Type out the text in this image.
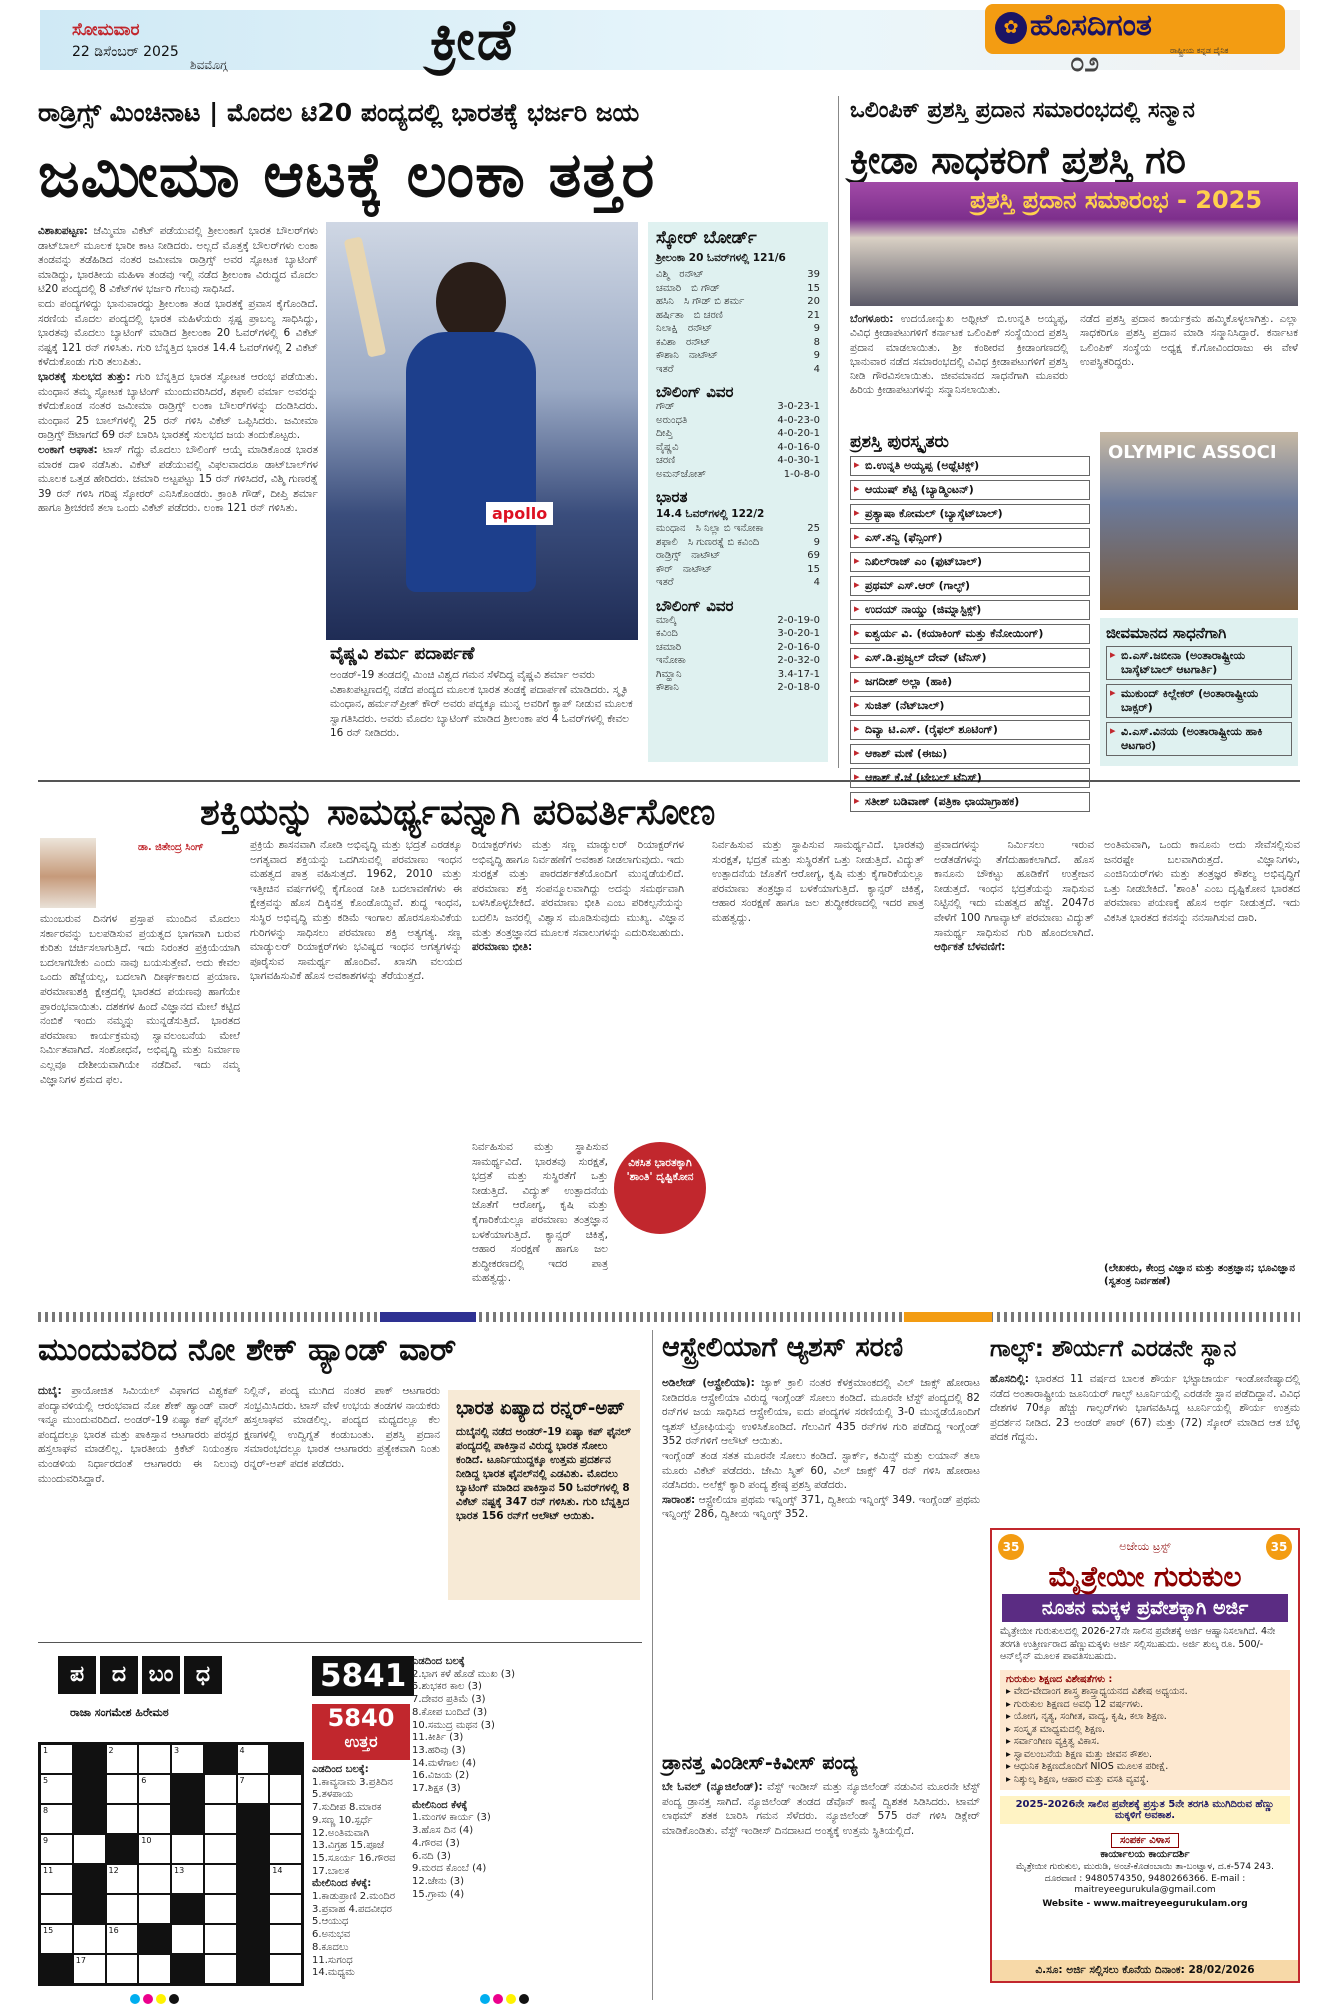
ಸೋಮವಾರ
22 ಡಿಸೆಂಬರ್ 2025
ಶಿವಮೊಗ್ಗ	ಕ್ರೀಡೆ	✿ ಹೊಸದಿಗಂತ
ರಾಷ್ಟ್ರೀಯ ಕನ್ನಡ ದೈನಿಕ
೦೨
ರಾಡ್ರಿಗ್ಸ್ ಮಿಂಚಿನಾಟ | ಮೊದಲ ಟಿ20 ಪಂದ್ಯದಲ್ಲಿ ಭಾರತಕ್ಕೆ ಭರ್ಜರಿ ಜಯ
ಜಮೀಮಾ ಆಟಕ್ಕೆ ಲಂಕಾ ತತ್ತರ
ವಿಶಾಖಪಟ್ಟಣ: ಜೆಮ್ಮಿಮಾ ವಿಕೆಟ್ ಪಡೆಯುವಲ್ಲಿ ಶ್ರೀಲಂಕಾಗೆ ಭಾರತ ಬೌಲರ್‌ಗಳು ಡಾಟ್‌ಬಾಲ್ ಮೂಲಕ ಭಾರೀ ಕಾಟ ನೀಡಿದರು. ಅಲ್ಲದೆ ಮೊತ್ತಕ್ಕೆ ಬೌಲರ್‌ಗಳು ಲಂಕಾ ತಂಡವನ್ನು ತಡೆಹಿಡಿದ ನಂತರ ಜಮೀಮಾ ರಾಡ್ರಿಗ್ಸ್ ಅವರ ಸ್ಫೋಟಕ ಬ್ಯಾಟಿಂಗ್ ಮಾಡಿದ್ದು, ಭಾರತೀಯ ಮಹಿಳಾ ತಂಡವು ಇಲ್ಲಿ ನಡೆದ ಶ್ರೀಲಂಕಾ ವಿರುದ್ಧದ ಮೊದಲ ಟಿ20 ಪಂದ್ಯದಲ್ಲಿ 8 ವಿಕೆಟ್‌ಗಳ ಭರ್ಜರಿ ಗೆಲುವು ಸಾಧಿಸಿದೆ.
ಐದು ಪಂದ್ಯಗಳಿದ್ದು ಭಾನುವಾರದ್ದು ಶ್ರೀಲಂಕಾ ತಂಡ ಭಾರತಕ್ಕೆ ಪ್ರವಾಸ ಕೈಗೊಂಡಿದೆ. ಸರಣಿಯ ಮೊದಲ ಪಂದ್ಯದಲ್ಲಿ ಭಾರತ ಮಹಿಳೆಯರು ಸ್ಪಷ್ಟ ಪ್ರಾಬಲ್ಯ ಸಾಧಿಸಿದ್ದು, ಭಾರತವು ಮೊದಲು ಬ್ಯಾಟಿಂಗ್ ಮಾಡಿದ ಶ್ರೀಲಂಕಾ 20 ಓವರ್‌ಗಳಲ್ಲಿ 6 ವಿಕೆಟ್ ನಷ್ಟಕ್ಕೆ 121 ರನ್ ಗಳಿಸಿತು. ಗುರಿ ಬೆನ್ನತ್ತಿದ ಭಾರತ 14.4 ಓವರ್‌ಗಳಲ್ಲಿ 2 ವಿಕೆಟ್ ಕಳೆದುಕೊಂಡು ಗುರಿ ತಲುಪಿತು.
ಭಾರತಕ್ಕೆ ಸುಲಭದ ತುತ್ತು: ಗುರಿ ಬೆನ್ನತ್ತಿದ ಭಾರತ ಸ್ಫೋಟಕ ಆರಂಭ ಪಡೆಯಿತು. ಮಂಧಾನ ತಮ್ಮ ಸ್ಫೋಟಕ ಬ್ಯಾಟಿಂಗ್ ಮುಂದುವರಿಸಿದರೆ, ಶಫಾಲಿ ವರ್ಮಾ ಅವರನ್ನು ಕಳೆದುಕೊಂಡ ನಂತರ ಜಮೀಮಾ ರಾಡ್ರಿಗ್ಸ್ ಲಂಕಾ ಬೌಲರ್‌ಗಳನ್ನು ದಂಡಿಸಿದರು. ಮಂಧಾನ 25 ಬಾಲ್‌ಗಳಲ್ಲಿ 25 ರನ್ ಗಳಿಸಿ ವಿಕೆಟ್ ಒಪ್ಪಿಸಿದರು. ಜಮೀಮಾ ರಾಡ್ರಿಗ್ಸ್ ಔಟಾಗದೆ 69 ರನ್ ಬಾರಿಸಿ ಭಾರತಕ್ಕೆ ಸುಲಭದ ಜಯ ತಂದುಕೊಟ್ಟರು.
ಲಂಕಾಗೆ ಆಘಾತ: ಟಾಸ್ ಗೆದ್ದು ಮೊದಲು ಬೌಲಿಂಗ್ ಆಯ್ಕೆ ಮಾಡಿಕೊಂಡ ಭಾರತ ಮಾರಕ ದಾಳಿ ನಡೆಸಿತು. ವಿಕೆಟ್ ಪಡೆಯುವಲ್ಲಿ ವಿಫಲವಾದರೂ ಡಾಟ್‌ಬಾಲ್‌ಗಳ ಮೂಲಕ ಒತ್ತಡ ಹೇರಿದರು. ಚಮಾರಿ ಅಟ್ಟಪಟ್ಟು 15 ರನ್ ಗಳಿಸಿದರೆ, ವಿಶ್ಮಿ ಗುಣರತ್ನೆ 39 ರನ್ ಗಳಿಸಿ ಗರಿಷ್ಠ ಸ್ಕೋರರ್ ಎನಿಸಿಕೊಂಡರು. ಕ್ರಾಂತಿ ಗೌಡ್, ದೀಪ್ತಿ ಶರ್ಮಾ ಹಾಗೂ ಶ್ರೀಚರಣಿ ತಲಾ ಒಂದು ವಿಕೆಟ್ ಪಡೆದರು. ಲಂಕಾ 121 ರನ್ ಗಳಿಸಿತು.	apollo
ವೈಷ್ಣವಿ ಶರ್ಮ ಪದಾರ್ಪಣೆ
ಅಂಡರ್-19 ತಂಡದಲ್ಲಿ ಮಿಂಚಿ ವಿಶ್ವದ ಗಮನ ಸೆಳೆದಿದ್ದ ವೈಷ್ಣವಿ ಶರ್ಮಾ ಅವರು ವಿಶಾಖಪಟ್ಟಣದಲ್ಲಿ ನಡೆದ ಪಂದ್ಯದ ಮೂಲಕ ಭಾರತ ತಂಡಕ್ಕೆ ಪದಾರ್ಪಣೆ ಮಾಡಿದರು. ಸ್ಮೃತಿ ಮಂಧಾನ, ಹರ್ಮನ್‌ಪ್ರೀತ್ ಕೌರ್ ಅವರು ಪದ್ಯಕ್ಕೂ ಮುನ್ನ ಅವರಿಗೆ ಕ್ಯಾಪ್ ನೀಡುವ ಮೂಲಕ ಸ್ವಾಗತಿಸಿದರು. ಅವರು ಮೊದಲ ಬ್ಯಾಟಿಂಗ್ ಮಾಡಿದ ಶ್ರೀಲಂಕಾ ಪರ 4 ಓವರ್‌ಗಳಲ್ಲಿ ಕೇವಲ 16 ರನ್ ನೀಡಿದರು.
ಸ್ಕೋರ್ ಬೋರ್ಡ್
ಶ್ರೀಲಂಕಾ 20 ಓವರ್‌ಗಳಲ್ಲಿ 121/6
ವಿಶ್ಮಿ	ರನೌಟ್	39
ಚಮಾರಿ	ಬಿ ಗೌಡ್	15
ಹಸಿನಿ	ಸಿ ಗೌಡ್ ಬಿ ಶರ್ಮ	20
ಹರ್ಷಿತಾ	ಬಿ ಚರಣಿ	21
ನಿಲಾಕ್ಷಿ	ರನೌಟ್	9
ಕವಿಶಾ	ರನೌಟ್	8
ಕೌಶಾನಿ	ನಾಟೌಟ್	9
ಇತರೆ	4
ಬೌಲಿಂಗ್ ವಿವರ
ಗೌಡ್	3-0-23-1
ಅರುಂಧತಿ	4-0-23-0
ದೀಪ್ತಿ	4-0-20-1
ವೈಷ್ಣವಿ	4-0-16-0
ಚರಣಿ	4-0-30-1
ಅಮನ್‌ಜೋತ್	1-0-8-0
ಭಾರತ
14.4 ಓವರ್‌ಗಳಲ್ಲಿ 122/2
ಮಂಧಾನ	ಸಿ ನಿಲ್ಲಾ ಬಿ ಇನೋಕಾ	25
ಶಫಾಲಿ	ಸಿ ಗುಣರತ್ನೆ ಬಿ ಕವಿಂದಿ	9
ರಾಡ್ರಿಗ್ಸ್	ನಾಟೌಟ್	69
ಕೌರ್	ನಾಟೌಟ್	15
ಇತರೆ	4
ಬೌಲಿಂಗ್ ವಿವರ
ಮಾಲ್ಕಿ	2-0-19-0
ಕವಿಂದಿ	3-0-20-1
ಚಮಾರಿ	2-0-16-0
ಇನೋಕಾ	2-0-32-0
ಗಿಮ್ಹಾನಿ	3.4-17-1
ಕೌಶಾನಿ	2-0-18-0
ಒಲಿಂಪಿಕ್ ಪ್ರಶಸ್ತಿ ಪ್ರದಾನ ಸಮಾರಂಭದಲ್ಲಿ ಸನ್ಮಾನ
ಕ್ರೀಡಾ ಸಾಧಕರಿಗೆ ಪ್ರಶಸ್ತಿ ಗರಿ
ಪ್ರಶಸ್ತಿ ಪ್ರದಾನ ಸಮಾರಂಭ - 2025
ಬೆಂಗಳೂರು: ಉದಯೋನ್ಮುಖ ಅಥ್ಲೀಟ್ ಬಿ.ಉನ್ನತಿ ಅಯ್ಯಪ್ಪ, ವಿವಿಧ ಕ್ರೀಡಾಪಟುಗಳಿಗೆ ಕರ್ನಾಟಕ ಒಲಿಂಪಿಕ್ ಸಂಸ್ಥೆಯಿಂದ ಪ್ರಶಸ್ತಿ ಪ್ರದಾನ ಮಾಡಲಾಯಿತು. ಶ್ರೀ ಕಂಠೀರವ ಕ್ರೀಡಾಂಗಣದಲ್ಲಿ ಭಾನುವಾರ ನಡೆದ ಸಮಾರಂಭದಲ್ಲಿ ವಿವಿಧ ಕ್ರೀಡಾಪಟುಗಳಿಗೆ ಪ್ರಶಸ್ತಿ ನೀಡಿ ಗೌರವಿಸಲಾಯಿತು. ಜೀವಮಾನದ ಸಾಧನೆಗಾಗಿ ಮೂವರು ಹಿರಿಯ ಕ್ರೀಡಾಪಟುಗಳನ್ನು ಸನ್ಮಾನಿಸಲಾಯಿತು.
ನಡೆದ ಪ್ರಶಸ್ತಿ ಪ್ರದಾನ ಕಾರ್ಯಕ್ರಮ ಹಮ್ಮಿಕೊಳ್ಳಲಾಗಿತ್ತು. ಎಲ್ಲಾ ಸಾಧಕರಿಗೂ ಪ್ರಶಸ್ತಿ ಪ್ರದಾನ ಮಾಡಿ ಸನ್ಮಾನಿಸಿದ್ದಾರೆ. ಕರ್ನಾಟಕ ಒಲಿಂಪಿಕ್ ಸಂಸ್ಥೆಯ ಅಧ್ಯಕ್ಷ ಕೆ.ಗೋವಿಂದರಾಜು ಈ ವೇಳೆ ಉಪಸ್ಥಿತರಿದ್ದರು.
ಪ್ರಶಸ್ತಿ ಪುರಸ್ಕೃತರು
▸ ಬಿ.ಉನ್ನತಿ ಅಯ್ಯಪ್ಪ (ಅಥ್ಲೆಟಿಕ್ಸ್)
▸ ಆಯುಷ್ ಶೆಟ್ಟಿ (ಬ್ಯಾಡ್ಮಿಂಟನ್)
▸ ಪ್ರತ್ಯಾಷಾ ಕೋಮಲ್ (ಬ್ಯಾಸ್ಕೆಟ್‌ಬಾಲ್)
▸ ಎಸ್.ತನ್ವಿ (ಫೆನ್ಸಿಂಗ್)
▸ ನಿಖಿಲ್‌ರಾಜ್ ಎಂ (ಫುಟ್‌ಬಾಲ್)
▸ ಪ್ರಥಮ್ ಎಸ್.ಆರ್ (ಗಾಲ್ಫ್)
▸ ಉದಯ್ ನಾಯ್ಡು (ಜಿಮ್ನಾಸ್ಟಿಕ್ಸ್)
▸ ಐಶ್ವರ್ಯ ವಿ. (ಕಯಾಕಿಂಗ್ ಮತ್ತು ಕೆನೋಯಿಂಗ್)
▸ ಎಸ್.ಡಿ.ಪ್ರಜ್ವಲ್ ದೇವ್ (ಟೆನಿಸ್)
▸ ಜಗದೀಶ್ ಅಲ್ಲಾ (ಹಾಕಿ)
▸ ಸುಜಿತ್ (ನೆಟ್‌ಬಾಲ್)
▸ ದಿವ್ಯಾ ಟಿ.ಎಸ್. (ರೈಫಲ್ ಶೂಟಿಂಗ್)
▸ ಆಕಾಶ್ ಮಣೆ (ಈಜು)
▸ ಆಕಾಶ್ ಕೆ.ಜೆ (ಟೇಬಲ್ ಟೆನಿಸ್)
▸ ಸತೀಶ್ ಬಡಿವಾಣ್ (ಪತ್ರಿಕಾ ಛಾಯಾಗ್ರಾಹಕ)
OLYMPIC ASSOCI
ಜೀವಮಾನದ ಸಾಧನೆಗಾಗಿ
▸ ಬಿ.ಎಸ್.ಜಬೀನಾ (ಅಂತಾರಾಷ್ಟ್ರೀಯ ಬಾಸ್ಕೆಟ್‌ಬಾಲ್ ಆಟಗಾರ್ತಿ)
▸ ಮುಕುಂದ್ ಕಿಲ್ಲೇಕರ್ (ಅಂತಾರಾಷ್ಟ್ರೀಯ ಬಾಕ್ಸರ್)
▸ ವಿ.ಎಸ್.ವಿನಯ (ಅಂತಾರಾಷ್ಟ್ರೀಯ ಹಾಕಿ ಆಟಗಾರ)
ಶಕ್ತಿಯನ್ನು ಸಾಮರ್ಥ್ಯವನ್ನಾಗಿ ಪರಿವರ್ತಿಸೋಣ
ಡಾ. ಜಿತೇಂದ್ರ ಸಿಂಗ್
ಮುಂಬರುವ ದಿನಗಳ ಪ್ರಸ್ತಾಪ ಮುಂದಿನ ಮೊದಲು ಸರ್ಕಾರವನ್ನು ಬಲಪಡಿಸುವ ಪ್ರಯತ್ನದ ಭಾಗವಾಗಿ ಬರುವ ಕುರಿತು ಚರ್ಚಿಸಲಾಗುತ್ತಿದೆ. ಇದು ನಿರಂತರ ಪ್ರಕ್ರಿಯೆಯಾಗಿ ಬದಲಾಗಬೇಕು ಎಂದು ನಾವು ಬಯಸುತ್ತೇವೆ. ಅದು ಕೇವಲ ಒಂದು ಹೆಜ್ಜೆಯಲ್ಲ, ಬದಲಾಗಿ ದೀರ್ಘಕಾಲದ ಪ್ರಯಾಣ. ಪರಮಾಣುಶಕ್ತಿ ಕ್ಷೇತ್ರದಲ್ಲಿ ಭಾರತದ ಪಯಣವು ಹಾಗೆಯೇ ಪ್ರಾರಂಭವಾಯಿತು. ದಶಕಗಳ ಹಿಂದೆ ವಿಜ್ಞಾನದ ಮೇಲೆ ಕಟ್ಟಿದ ನಂಬಿಕೆ ಇಂದು ನಮ್ಮನ್ನು ಮುನ್ನಡೆಸುತ್ತಿದೆ. ಭಾರತದ ಪರಮಾಣು ಕಾರ್ಯಕ್ರಮವು ಸ್ವಾವಲಂಬನೆಯ ಮೇಲೆ ನಿರ್ಮಿತವಾಗಿದೆ. ಸಂಶೋಧನೆ, ಅಭಿವೃದ್ಧಿ ಮತ್ತು ನಿರ್ಮಾಣ ಎಲ್ಲವೂ ದೇಶೀಯವಾಗಿಯೇ ನಡೆದಿವೆ. ಇದು ನಮ್ಮ ವಿಜ್ಞಾನಿಗಳ ಶ್ರಮದ ಫಲ.
ಪ್ರಕ್ರಿಯೆ ಶಾಸನವಾಗಿ ನೋಡಿ ಅಭಿವೃದ್ಧಿ ಮತ್ತು ಭದ್ರತೆ ಎರಡಕ್ಕೂ ಅಗತ್ಯವಾದ ಶಕ್ತಿಯನ್ನು ಒದಗಿಸುವಲ್ಲಿ ಪರಮಾಣು ಇಂಧನ ಮಹತ್ವದ ಪಾತ್ರ ವಹಿಸುತ್ತದೆ. 1962, 2010 ಮತ್ತು ಇತ್ತೀಚಿನ ವರ್ಷಗಳಲ್ಲಿ ಕೈಗೊಂಡ ನೀತಿ ಬದಲಾವಣೆಗಳು ಈ ಕ್ಷೇತ್ರವನ್ನು ಹೊಸ ದಿಕ್ಕಿನತ್ತ ಕೊಂಡೊಯ್ದಿವೆ. ಶುದ್ಧ ಇಂಧನ, ಸುಸ್ಥಿರ ಅಭಿವೃದ್ಧಿ ಮತ್ತು ಕಡಿಮೆ ಇಂಗಾಲ ಹೊರಸೂಸುವಿಕೆಯ ಗುರಿಗಳನ್ನು ಸಾಧಿಸಲು ಪರಮಾಣು ಶಕ್ತಿ ಅತ್ಯಗತ್ಯ. ಸಣ್ಣ ಮಾಡ್ಯುಲರ್ ರಿಯಾಕ್ಟರ್‌ಗಳು ಭವಿಷ್ಯದ ಇಂಧನ ಅಗತ್ಯಗಳನ್ನು ಪೂರೈಸುವ ಸಾಮರ್ಥ್ಯ ಹೊಂದಿವೆ. ಖಾಸಗಿ ವಲಯದ ಭಾಗವಹಿಸುವಿಕೆ ಹೊಸ ಅವಕಾಶಗಳನ್ನು ತೆರೆಯುತ್ತದೆ.
ರಿಯಾಕ್ಟರ್‌ಗಳು ಮತ್ತು ಸಣ್ಣ ಮಾಡ್ಯುಲರ್ ರಿಯಾಕ್ಟರ್‌ಗಳ ಅಭಿವೃದ್ಧಿ ಹಾಗೂ ನಿರ್ವಹಣೆಗೆ ಅವಕಾಶ ನೀಡಲಾಗುವುದು. ಇದು ಸುರಕ್ಷತೆ ಮತ್ತು ಪಾರದರ್ಶಕತೆಯೊಂದಿಗೆ ಮುನ್ನಡೆಯಲಿದೆ. ಪರಮಾಣು ಶಕ್ತಿ ಸಂಪನ್ಮೂಲವಾಗಿದ್ದು ಅದನ್ನು ಸಮರ್ಥವಾಗಿ ಬಳಸಿಕೊಳ್ಳಬೇಕಿದೆ. ಪರಮಾಣು ಭೀತಿ ಎಂಬ ಪರಿಕಲ್ಪನೆಯನ್ನು ಬದಲಿಸಿ ಜನರಲ್ಲಿ ವಿಶ್ವಾಸ ಮೂಡಿಸುವುದು ಮುಖ್ಯ. ವಿಜ್ಞಾನ ಮತ್ತು ತಂತ್ರಜ್ಞಾನದ ಮೂಲಕ ಸವಾಲುಗಳನ್ನು ಎದುರಿಸಬಹುದು. ಪರಮಾಣು ಭೀತಿ:
ವಿಕಸಿತ ಭಾರತಕ್ಕಾಗಿ 'ಶಾಂತಿ' ದೃಷ್ಟಿಕೋನ
ನಿರ್ವಹಿಸುವ ಮತ್ತು ಸ್ಥಾಪಿಸುವ ಸಾಮರ್ಥ್ಯವಿದೆ. ಭಾರತವು ಸುರಕ್ಷತೆ, ಭದ್ರತೆ ಮತ್ತು ಸುಸ್ಥಿರತೆಗೆ ಒತ್ತು ನೀಡುತ್ತಿದೆ. ವಿದ್ಯುತ್ ಉತ್ಪಾದನೆಯ ಜೊತೆಗೆ ಆರೋಗ್ಯ, ಕೃಷಿ ಮತ್ತು ಕೈಗಾರಿಕೆಯಲ್ಲೂ ಪರಮಾಣು ತಂತ್ರಜ್ಞಾನ ಬಳಕೆಯಾಗುತ್ತಿದೆ. ಕ್ಯಾನ್ಸರ್ ಚಿಕಿತ್ಸೆ, ಆಹಾರ ಸಂರಕ್ಷಣೆ ಹಾಗೂ ಜಲ ಶುದ್ಧೀಕರಣದಲ್ಲಿ ಇದರ ಪಾತ್ರ ಮಹತ್ವದ್ದು.
ನಿರ್ವಹಿಸುವ ಮತ್ತು ಸ್ಥಾಪಿಸುವ ಸಾಮರ್ಥ್ಯವಿದೆ. ಭಾರತವು ಸುರಕ್ಷತೆ, ಭದ್ರತೆ ಮತ್ತು ಸುಸ್ಥಿರತೆಗೆ ಒತ್ತು ನೀಡುತ್ತಿದೆ. ವಿದ್ಯುತ್ ಉತ್ಪಾದನೆಯ ಜೊತೆಗೆ ಆರೋಗ್ಯ, ಕೃಷಿ ಮತ್ತು ಕೈಗಾರಿಕೆಯಲ್ಲೂ ಪರಮಾಣು ತಂತ್ರಜ್ಞಾನ ಬಳಕೆಯಾಗುತ್ತಿದೆ. ಕ್ಯಾನ್ಸರ್ ಚಿಕಿತ್ಸೆ, ಆಹಾರ ಸಂರಕ್ಷಣೆ ಹಾಗೂ ಜಲ ಶುದ್ಧೀಕರಣದಲ್ಲಿ ಇದರ ಪಾತ್ರ ಮಹತ್ವದ್ದು.
ಪ್ರವಾದಗಳನ್ನು ನಿರ್ಮಿಸಲು ಇರುವ ಅಡೆತಡೆಗಳನ್ನು ತೆಗೆದುಹಾಕಲಾಗಿದೆ. ಹೊಸ ಕಾನೂನು ಚೌಕಟ್ಟು ಹೂಡಿಕೆಗೆ ಉತ್ತೇಜನ ನೀಡುತ್ತದೆ. ಇಂಧನ ಭದ್ರತೆಯನ್ನು ಸಾಧಿಸುವ ನಿಟ್ಟಿನಲ್ಲಿ ಇದು ಮಹತ್ವದ ಹೆಜ್ಜೆ. 2047ರ ವೇಳೆಗೆ 100 ಗಿಗಾವ್ಯಾಟ್ ಪರಮಾಣು ವಿದ್ಯುತ್ ಸಾಮರ್ಥ್ಯ ಸಾಧಿಸುವ ಗುರಿ ಹೊಂದಲಾಗಿದೆ. ಆರ್ಥಿಕತೆ ಬೆಳವಣಿಗೆ:
ಅಂತಿಮವಾಗಿ, ಒಂದು ಕಾನೂನು ಅದು ಸೇವೆಸಲ್ಲಿಸುವ ಜನರಷ್ಟೇ ಬಲವಾಗಿರುತ್ತದೆ. ವಿಜ್ಞಾನಿಗಳು, ಎಂಜಿನಿಯರ್‌ಗಳು ಮತ್ತು ತಂತ್ರಜ್ಞರ ಕೌಶಲ್ಯ ಅಭಿವೃದ್ಧಿಗೆ ಒತ್ತು ನೀಡಬೇಕಿದೆ. 'ಶಾಂತಿ' ಎಂಬ ದೃಷ್ಟಿಕೋನ ಭಾರತದ ಪರಮಾಣು ಪಯಣಕ್ಕೆ ಹೊಸ ಅರ್ಥ ನೀಡುತ್ತದೆ. ಇದು ವಿಕಸಿತ ಭಾರತದ ಕನಸನ್ನು ನನಸಾಗಿಸುವ ದಾರಿ.
(ಲೇಖಕರು, ಕೇಂದ್ರ ವಿಜ್ಞಾನ ಮತ್ತು ತಂತ್ರಜ್ಞಾನ; ಭೂವಿಜ್ಞಾನ (ಸ್ವತಂತ್ರ ನಿರ್ವಹಣೆ)
ಮುಂದುವರಿದ ನೋ ಶೇಕ್ ಹ್ಯಾಂಡ್ ವಾರ್
ದುಬೈ: ಪ್ರಾಯೋಜಿತ ಸಿಮಿಯಲ್ ವಿಫಾಗದ ವಿಶ್ವಕಪ್ ಪಂದ್ಯಾವಳಿಯಲ್ಲಿ ಆರಂಭವಾದ ನೋ ಶೇಕ್ ಹ್ಯಾಂಡ್ ವಾರ್ ಇನ್ನೂ ಮುಂದುವರಿದಿದೆ. ಅಂಡರ್-19 ಏಷ್ಯಾ ಕಪ್ ಫೈನಲ್ ಪಂದ್ಯದಲ್ಲೂ ಭಾರತ ಮತ್ತು ಪಾಕಿಸ್ತಾನ ಆಟಗಾರರು ಪರಸ್ಪರ ಹಸ್ತಲಾಘವ ಮಾಡಲಿಲ್ಲ. ಭಾರತೀಯ ಕ್ರಿಕೆಟ್ ನಿಯಂತ್ರಣ ಮಂಡಳಿಯ ನಿರ್ಧಾರದಂತೆ ಆಟಗಾರರು ಈ ನಿಲುವು ಮುಂದುವರಿಸಿದ್ದಾರೆ.
ನಿಲ್ಲಿನ್, ಪಂದ್ಯ ಮುಗಿದ ನಂತರ ಪಾಕ್ ಆಟಗಾರರು ಸಂಭ್ರಮಿಸಿದರು. ಟಾಸ್ ವೇಳೆ ಉಭಯ ತಂಡಗಳ ನಾಯಕರು ಹಸ್ತಲಾಘವ ಮಾಡಲಿಲ್ಲ. ಪಂದ್ಯದ ಮಧ್ಯದಲ್ಲೂ ಕೆಲ ಕ್ಷಣಗಳಲ್ಲಿ ಉದ್ವಿಗ್ನತೆ ಕಂಡುಬಂತು. ಪ್ರಶಸ್ತಿ ಪ್ರದಾನ ಸಮಾರಂಭದಲ್ಲೂ ಭಾರತ ಆಟಗಾರರು ಪ್ರತ್ಯೇಕವಾಗಿ ನಿಂತು ರನ್ನರ್-ಅಪ್ ಪದಕ ಪಡೆದರು.
ಭಾರತ ಏಷ್ಯಾದ ರನ್ನರ್-ಅಪ್
ದುಬೈನಲ್ಲಿ ನಡೆದ ಅಂಡರ್-19 ಏಷ್ಯಾ ಕಪ್ ಫೈನಲ್ ಪಂದ್ಯದಲ್ಲಿ ಪಾಕಿಸ್ತಾನ ವಿರುದ್ಧ ಭಾರತ ಸೋಲು ಕಂಡಿದೆ. ಟೂರ್ನಿಯುದ್ದಕ್ಕೂ ಉತ್ತಮ ಪ್ರದರ್ಶನ ನೀಡಿದ್ದ ಭಾರತ ಫೈನಲ್‌ನಲ್ಲಿ ಎಡವಿತು. ಮೊದಲು ಬ್ಯಾಟಿಂಗ್ ಮಾಡಿದ ಪಾಕಿಸ್ತಾನ 50 ಓವರ್‌ಗಳಲ್ಲಿ 8 ವಿಕೆಟ್ ನಷ್ಟಕ್ಕೆ 347 ರನ್ ಗಳಿಸಿತು. ಗುರಿ ಬೆನ್ನತ್ತಿದ ಭಾರತ 156 ರನ್‌ಗೆ ಆಲೌಟ್ ಆಯಿತು.
ಆಸ್ಟ್ರೇಲಿಯಾಗೆ ಆ್ಯಶಸ್ ಸರಣಿ
ಅಡಿಲೇಡ್ (ಆಸ್ಟ್ರೇಲಿಯಾ): ಜ್ಯಾಕ್ ಕ್ರಾಲಿ ನಂತರ ಕೆಳಕ್ರಮಾಂಕದಲ್ಲಿ ವಿಲ್ ಜಾಕ್ಸ್ ಹೋರಾಟ ನೀಡಿದರೂ ಆಸ್ಟ್ರೇಲಿಯಾ ವಿರುದ್ಧ ಇಂಗ್ಲೆಂಡ್ ಸೋಲು ಕಂಡಿದೆ. ಮೂರನೇ ಟೆಸ್ಟ್ ಪಂದ್ಯದಲ್ಲಿ 82 ರನ್‌ಗಳ ಜಯ ಸಾಧಿಸಿದ ಆಸ್ಟ್ರೇಲಿಯಾ, ಐದು ಪಂದ್ಯಗಳ ಸರಣಿಯಲ್ಲಿ 3-0 ಮುನ್ನಡೆಯೊಂದಿಗೆ ಆ್ಯಶಸ್ ಟ್ರೋಫಿಯನ್ನು ಉಳಿಸಿಕೊಂಡಿದೆ. ಗೆಲುವಿಗೆ 435 ರನ್‌ಗಳ ಗುರಿ ಪಡೆದಿದ್ದ ಇಂಗ್ಲೆಂಡ್ 352 ರನ್‌ಗಳಿಗೆ ಆಲೌಟ್ ಆಯಿತು.
ಇಂಗ್ಲೆಂಡ್ ತಂಡ ಸತತ ಮೂರನೇ ಸೋಲು ಕಂಡಿದೆ. ಸ್ಟಾರ್ಕ್, ಕಮಿನ್ಸ್ ಮತ್ತು ಲಯಾನ್ ತಲಾ ಮೂರು ವಿಕೆಟ್ ಪಡೆದರು. ಜೇಮಿ ಸ್ಮಿತ್ 60, ವಿಲ್ ಜಾಕ್ಸ್ 47 ರನ್ ಗಳಿಸಿ ಹೋರಾಟ ನಡೆಸಿದರು. ಅಲೆಕ್ಸ್ ಕ್ಯಾರಿ ಪಂದ್ಯ ಶ್ರೇಷ್ಠ ಪ್ರಶಸ್ತಿ ಪಡೆದರು.
ಸಾರಾಂಶ: ಆಸ್ಟ್ರೇಲಿಯಾ ಪ್ರಥಮ ಇನ್ನಿಂಗ್ಸ್ 371, ದ್ವಿತೀಯ ಇನ್ನಿಂಗ್ಸ್ 349. ಇಂಗ್ಲೆಂಡ್ ಪ್ರಥಮ ಇನ್ನಿಂಗ್ಸ್ 286, ದ್ವಿತೀಯ ಇನ್ನಿಂಗ್ಸ್ 352.
ಡ್ರಾನತ್ತ ವಿಂಡೀಸ್-ಕಿವೀಸ್ ಪಂದ್ಯ
ಬೇ ಓವಲ್ (ನ್ಯೂಜಿಲೆಂಡ್): ವೆಸ್ಟ್ ಇಂಡೀಸ್ ಮತ್ತು ನ್ಯೂಜಿಲೆಂಡ್ ನಡುವಿನ ಮೂರನೇ ಟೆಸ್ಟ್ ಪಂದ್ಯ ಡ್ರಾನತ್ತ ಸಾಗಿದೆ. ನ್ಯೂಜಿಲೆಂಡ್ ತಂಡದ ಡೆವೊನ್ ಕಾನ್ವೆ ದ್ವಿಶತಕ ಸಿಡಿಸಿದರು. ಟಾಮ್ ಲಾಥಮ್ ಶತಕ ಬಾರಿಸಿ ಗಮನ ಸೆಳೆದರು. ನ್ಯೂಜಿಲೆಂಡ್ 575 ರನ್ ಗಳಿಸಿ ಡಿಕ್ಲೇರ್ ಮಾಡಿಕೊಂಡಿತು. ವೆಸ್ಟ್ ಇಂಡೀಸ್ ದಿನದಾಟದ ಅಂತ್ಯಕ್ಕೆ ಉತ್ತಮ ಸ್ಥಿತಿಯಲ್ಲಿದೆ.
ಗಾಲ್ಫ್: ಶೌರ್ಯಗೆ ಎರಡನೇ ಸ್ಥಾನ
ಹೊಸದಿಲ್ಲಿ: ಭಾರತದ 11 ವರ್ಷದ ಬಾಲಕ ಶೌರ್ಯ ಭಟ್ಟಾಚಾರ್ಯ ಇಂಡೋನೇಷ್ಯಾದಲ್ಲಿ ನಡೆದ ಅಂತಾರಾಷ್ಟ್ರೀಯ ಜೂನಿಯರ್ ಗಾಲ್ಫ್ ಟೂರ್ನಿಯಲ್ಲಿ ಎರಡನೇ ಸ್ಥಾನ ಪಡೆದಿದ್ದಾನೆ. ವಿವಿಧ ದೇಶಗಳ 70ಕ್ಕೂ ಹೆಚ್ಚು ಗಾಲ್ಫರ್‌ಗಳು ಭಾಗವಹಿಸಿದ್ದ ಟೂರ್ನಿಯಲ್ಲಿ ಶೌರ್ಯ ಉತ್ತಮ ಪ್ರದರ್ಶನ ನೀಡಿದ. 23 ಅಂಡರ್ ಪಾರ್ (67) ಮತ್ತು (72) ಸ್ಕೋರ್ ಮಾಡಿದ ಆತ ಬೆಳ್ಳಿ ಪದಕ ಗೆದ್ದನು.
ಪ	ದ	ಬಂ	ಧ
ರಾಜಾ ಸಂಗಮೇಶ ಹಿರೇಮಠ
1	2	3	4
5	6	7
8
9	10
11	12	13	14
15	16
17
5841
5840
ಉತ್ತರ
ಎಡದಿಂದ ಬಲಕ್ಕೆ:
1.ಕಾವ್ಯನಾಮ 3.ಪ್ರತಿದಿನ
5.ತಳಪಾಯ
7.ಸುದೀಪ 8.ಮಾರಕ
9.ಸಣ್ಣ 10.ಸ್ಪರ್ಧೆ
12.ಅಂತಿಮವಾಗಿ
13.ವಿಗ್ರಹ 15.ಪೂಜೆ
15.ಸೂರ್ಯ 16.ಗೌರವ
17.ಬಾಲಕ
ಮೇಲಿನಿಂದ ಕೆಳಕ್ಕೆ:
1.ಕಾಡುಪ್ರಾಣಿ 2.ಮಂದಿರ
3.ಪ್ರವಾಹ 4.ಪದವೀಧರ
5.ಆಯುಧ
6.ಅನುಭವ
8.ಕೂದಲು
11.ಸುಗಂಧ
14.ಮಧ್ಯಮ
ಎಡದಿಂದ ಬಲಕ್ಕೆ
2.ಭಾಗ ಕಳೆ ಹೊಡೆ ಮುಖ (3)
5.ಶುಭಕರ ಕಾಲ (3)
7.ದೇವರ ಪ್ರತಿಮೆ (3)
8.ಕೋಪ ಬಂದಿದೆ (3)
10.ಸಮುದ್ರ ಮಥನ (3)
11.ಕೀರ್ತಿ (3)
13.ಹರಿವು (3)
14.ಮಳೆಗಾಲ (4)
16.ವಿಜಯ (2)
17.ಶಿಕ್ಷಕ (3)
ಮೇಲಿನಿಂದ ಕೆಳಕ್ಕೆ
1.ಮಂಗಳ ಕಾರ್ಯ (3)
3.ಹೊಸ ದಿನ (4)
4.ಗೌರವ (3)
6.ನದಿ (3)
9.ಮರದ ಕೊಂಬೆ (4)
12.ಜೇನು (3)
15.ಗ್ರಾಮ (4)
35	ಅಜೇಯ ಟ್ರಸ್ಟ್	35
ಮೈತ್ರೇಯೀ ಗುರುಕುಲ
ನೂತನ ಮಕ್ಕಳ ಪ್ರವೇಶಕ್ಕಾಗಿ ಅರ್ಜಿ
ಮೈತ್ರೇಯೀ ಗುರುಕುಲದಲ್ಲಿ 2026-27ನೇ ಸಾಲಿನ ಪ್ರವೇಶಕ್ಕೆ ಅರ್ಜಿ ಆಹ್ವಾನಿಸಲಾಗಿದೆ. 4ನೇ ತರಗತಿ ಉತ್ತೀರ್ಣರಾದ ಹೆಣ್ಣುಮಕ್ಕಳು ಅರ್ಜಿ ಸಲ್ಲಿಸಬಹುದು. ಅರ್ಜಿ ಶುಲ್ಕ ರೂ. 500/- ಆನ್‌ಲೈನ್ ಮೂಲಕ ಪಾವತಿಸಬಹುದು.
ಗುರುಕುಲ ಶಿಕ್ಷಣದ ವಿಶೇಷತೆಗಳು :
▸ ವೇದ-ವೇದಾಂಗ ಶಾಸ್ತ್ರ ಶಾಸ್ತ್ರಾಧ್ಯಯನದ ವಿಶೇಷ ಅಧ್ಯಯನ.
▸ ಗುರುಕುಲ ಶಿಕ್ಷಣದ ಅವಧಿ 12 ವರ್ಷಗಳು.
▸ ಯೋಗ, ನೃತ್ಯ, ಸಂಗೀತ, ವಾದ್ಯ, ಕೃಷಿ, ಕಲಾ ಶಿಕ್ಷಣ.
▸ ಸಂಸ್ಕೃತ ಮಾಧ್ಯಮದಲ್ಲಿ ಶಿಕ್ಷಣ.
▸ ಸರ್ವಾಂಗೀಣ ವ್ಯಕ್ತಿತ್ವ ವಿಕಾಸ.
▸ ಸ್ವಾವಲಂಬನೆಯ ಶಿಕ್ಷಣ ಮತ್ತು ಜೀವನ ಕೌಶಲ.
▸ ಆಧುನಿಕ ಶಿಕ್ಷಣದೊಂದಿಗೆ NIOS ಮೂಲಕ ಪರೀಕ್ಷೆ.
▸ ನಿಶ್ಶುಲ್ಕ ಶಿಕ್ಷಣ, ಆಹಾರ ಮತ್ತು ವಸತಿ ವ್ಯವಸ್ಥೆ.
2025-2026ನೇ ಸಾಲಿನ ಪ್ರವೇಶಕ್ಕೆ ಪ್ರಸ್ತುತ 5ನೇ ತರಗತಿ ಮುಗಿದಿರುವ ಹೆಣ್ಣು ಮಕ್ಕಳಿಗೆ ಅವಕಾಶ.
ಸಂಪರ್ಕ ವಿಳಾಸ
ಕಾರ್ಯಾಲಯ ಕಾರ್ಯದರ್ಶಿ
ಮೈತ್ರೇಯೀ ಗುರುಕುಲ, ಮುರುಡಿ, ಅಂಚೆ-ಕೊಡಂಬಾಯಿ ತಾ-ಬಂಟ್ವಾಳ, ದ.ಕ-574 243. ದೂರವಾಣಿ : 9480574350, 9480266366. E-mail : maitreyeegurukula@gmail.com
Website - www.maitreyeegurukulam.org
ವಿ.ಸೂ: ಅರ್ಜಿ ಸಲ್ಲಿಸಲು ಕೊನೆಯ ದಿನಾಂಕ: 28/02/2026
